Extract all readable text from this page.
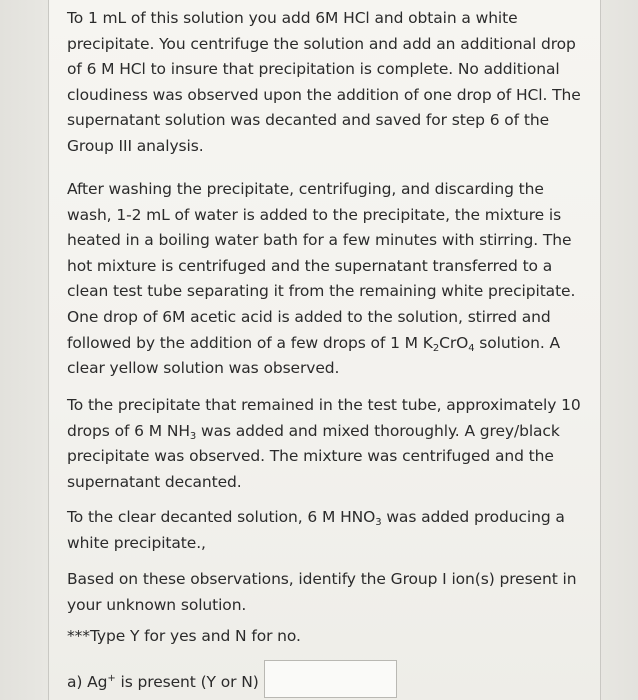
To 1 mL of this solution you add 6M HCl and obtain a white precipitate. You centrifuge the solution and add an additional drop of 6 M HCl to insure that precipitation is complete. No additional cloudiness was observed upon the addition of one drop of HCl. The supernatant solution was decanted and saved for step 6 of the Group III analysis.

After washing the precipitate, centrifuging, and discarding the wash, 1-2 mL of water is added to the precipitate, the mixture is heated in a boiling water bath for a few minutes with stirring. The hot mixture is centrifuged and the supernatant transferred to a clean test tube separating it from the remaining white precipitate. One drop of 6M acetic acid is added to the solution, stirred and followed by the addition of a few drops of 1 M $K_2CrO_4$ solution. A clear yellow solution was observed.

To the precipitate that remained in the test tube, approximately 10 drops of 6 M $NH_3$ was added and mixed thoroughly. A grey/black precipitate was observed. The mixture was centrifuged and the supernatant decanted.

To the clear decanted solution, 6 M $HNO_3$ was added producing a white precipitate.,

Based on these observations, identify the Group I ion(s) present in your unknown solution.

***Type Y for yes and N for no.

a) Ag+ is present (Y or N)
